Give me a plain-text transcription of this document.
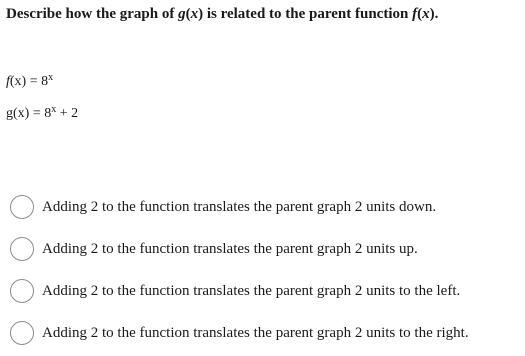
Describe how the graph of g(x) is related to the parent function f(x).
$f(x) = 8^x$
$g(x) = 8^x + 2$
Adding 2 to the function translates the parent graph 2 units down.
Adding 2 to the function translates the parent graph 2 units up.
Adding 2 to the function translates the parent graph 2 units to the left.
Adding 2 to the function translates the parent graph 2 units to the right.
